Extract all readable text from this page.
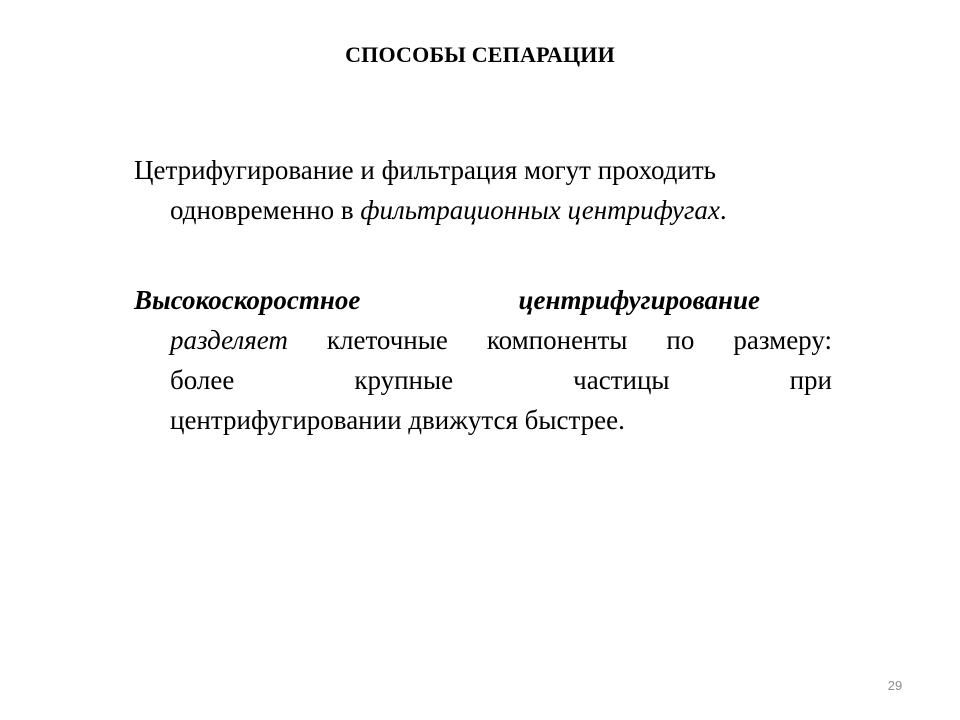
СПОСОБЫ СЕПАРАЦИИ

Цетрифугирование и фильтрация могут проходить
одновременно в фильтрационных центрифугах.

Высокоскоростное	центрифугирование
разделяет клеточные компоненты по размеру:
более	крупные	частицы	при
центрифугировании движутся быстрее.
29
